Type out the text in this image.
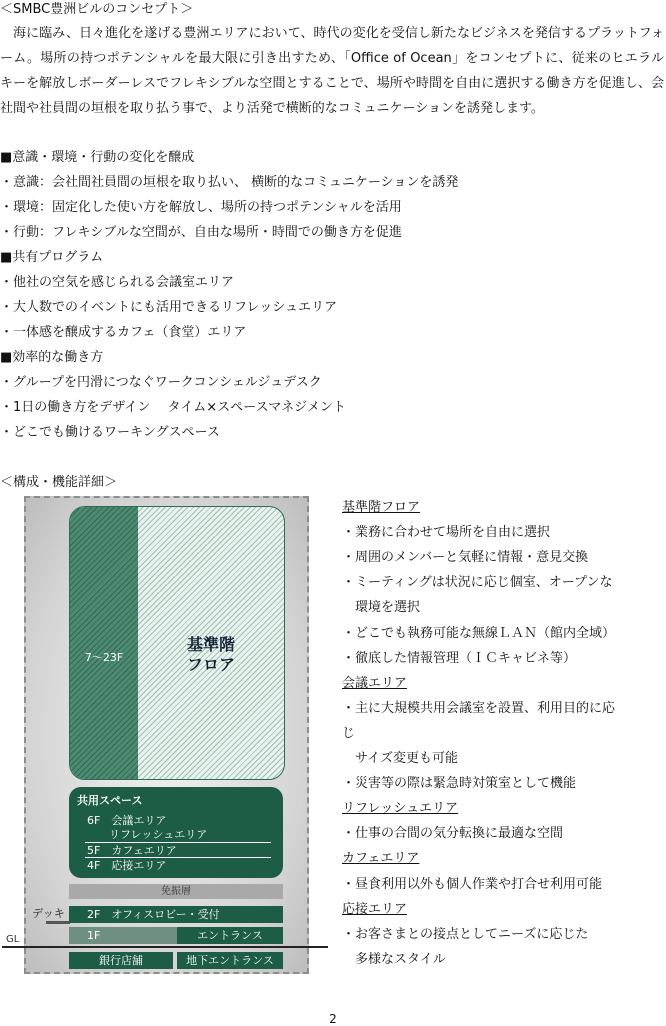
＜SMBC豊洲ビルのコンセプト＞
海に臨み、日々進化を遂げる豊洲エリアにおいて、時代の変化を受信し新たなビジネスを発信するプラットフォーム。場所の持つポテンシャルを最大限に引き出すため、「Office of Ocean」をコンセプトに、従来のヒエラルキーを解放しボーダーレスでフレキシブルな空間とすることで、場所や時間を自由に選択する働き方を促進し、会社間や社員間の垣根を取り払う事で、より活発で横断的なコミュニケーションを誘発します。
■意識・環境・行動の変化を醸成
・意識：会社間社員間の垣根を取り払い、 横断的なコミュニケーションを誘発
・環境：固定化した使い方を解放し、場所の持つポテンシャルを活用
・行動：フレキシブルな空間が、自由な場所・時間での働き方を促進
■共有プログラム
・他社の空気を感じられる会議室エリア
・大人数でのイベントにも活用できるリフレッシュエリア
・一体感を醸成するカフェ（食堂）エリア
■効率的な働き方
・グループを円滑につなぐワークコンシェルジュデスク
・1日の働き方をデザイン　 タイム×スペースマネジメント
・どこでも働けるワーキングスペース
＜構成・機能詳細＞
7～23F
基準階
フロア
共用スペース
6F　会議エリア
　　リフレッシュエリア
5F　カフェエリア
4F　応接エリア
免振層
デッキ	2F　オフィスロビー・受付
1F	エントランス
GL
銀行店舗	地下エントランス
基準階フロア
・業務に合わせて場所を自由に選択
・周囲のメンバーと気軽に情報・意見交換
・ミーティングは状況に応じ個室、オープンな
　環境を選択
・どこでも執務可能な無線ＬＡＮ（館内全域）
・徹底した情報管理（ＩＣキャビネ等）
会議エリア
・主に大規模共用会議室を設置、利用目的に応
じ
　サイズ変更も可能
・災害等の際は緊急時対策室として機能
リフレッシュエリア
・仕事の合間の気分転換に最適な空間
カフェエリア
・昼食利用以外も個人作業や打合せ利用可能
応接エリア
・お客さまとの接点としてニーズに応じた
　多様なスタイル
2
